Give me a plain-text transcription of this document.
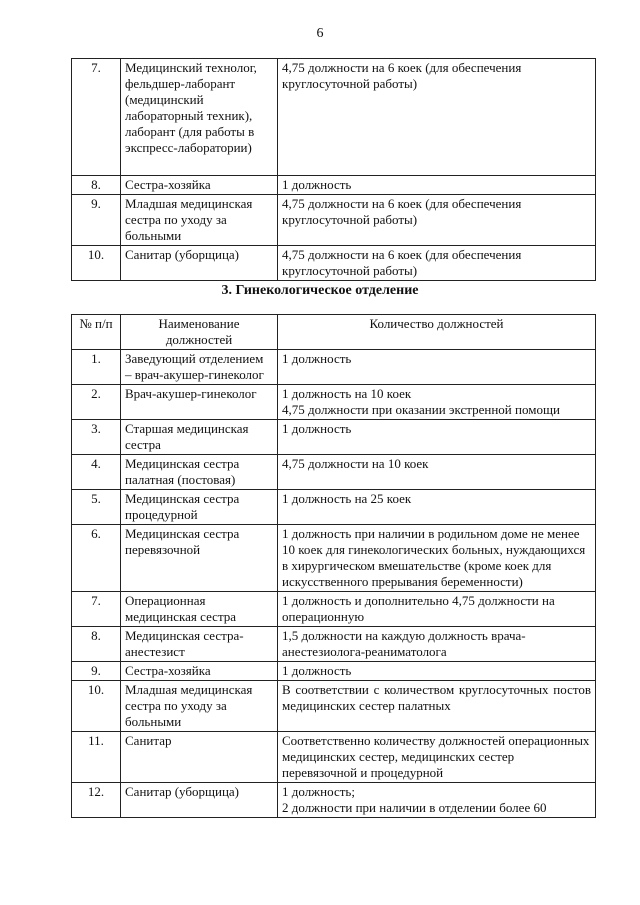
6
7.	Медицинский технолог, фельдшер-лаборант (медицинский лабораторный техник), лаборант (для работы в экспресс-лаборатории)	4,75 должности на 6 коек (для обеспечения круглосуточной работы)
8.	Сестра-хозяйка	1 должность
9.	Младшая медицинская сестра по уходу за больными	4,75 должности на 6 коек (для обеспечения круглосуточной работы)
10.	Санитар (уборщица)	4,75 должности на 6 коек (для обеспечения круглосуточной работы)
3. Гинекологическое отделение
№ п/п	Наименование должностей	Количество должностей
1.	Заведующий отделением – врач-акушер-гинеколог	1 должность
2.	Врач-акушер-гинеколог	1 должность на 10 коек
4,75 должности при оказании экстренной помощи
3.	Старшая медицинская сестра	1 должность
4.	Медицинская сестра палатная (постовая)	4,75 должности на 10 коек
5.	Медицинская сестра процедурной	1 должность на 25 коек
6.	Медицинская сестра перевязочной	1 должность при наличии в родильном доме не менее 10 коек для гинекологических больных, нуждающихся в хирургическом вмешательстве (кроме коек для искусственного прерывания беременности)
7.	Операционная медицинская сестра	1 должность и дополнительно 4,75 должности на операционную
8.	Медицинская сестра-анестезист	1,5 должности на каждую должность врача-анестезиолога-реаниматолога
9.	Сестра-хозяйка	1 должность
10.	Младшая медицинская сестра по уходу за больными	В соответствии с количеством круглосуточных постов медицинских сестер палатных
11.	Санитар	Соответственно количеству должностей операционных медицинских сестер, медицинских сестер перевязочной и процедурной
12.	Санитар (уборщица)	1 должность;
2 должности при наличии в отделении более 60
